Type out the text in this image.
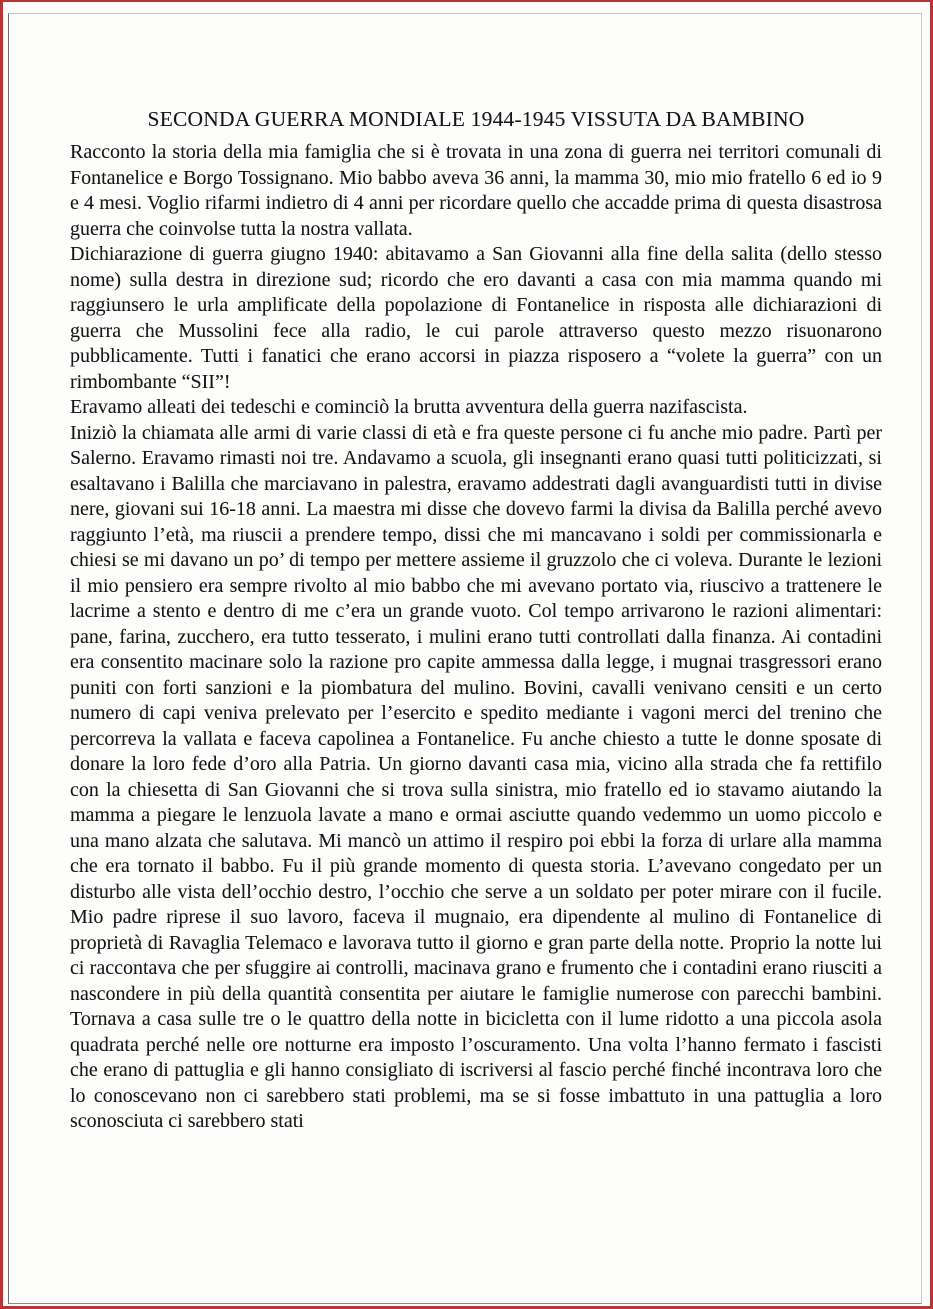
SECONDA GUERRA MONDIALE 1944-1945 VISSUTA DA BAMBINO

Racconto la storia della mia famiglia che si è trovata in una zona di guerra nei territori comunali di Fontanelice e Borgo Tossignano. Mio babbo aveva 36 anni, la mamma 30, mio mio fratello 6 ed io 9 e 4 mesi. Voglio rifarmi indietro di 4 anni per ricordare quello che accadde prima di questa disastrosa guerra che coinvolse tutta la nostra vallata.

Dichiarazione di guerra giugno 1940: abitavamo a San Giovanni alla fine della salita (dello stesso nome) sulla destra in direzione sud; ricordo che ero davanti a casa con mia mamma quando mi raggiunsero le urla amplificate della popolazione di Fontanelice in risposta alle dichiarazioni di guerra che Mussolini fece alla radio, le cui parole attraverso questo mezzo risuonarono pubblicamente. Tutti i fanatici che erano accorsi in piazza risposero a “volete la guerra” con un rimbombante “SII”!

Eravamo alleati dei tedeschi e cominciò la brutta avventura della guerra nazifascista.

Iniziò la chiamata alle armi di varie classi di età e fra queste persone ci fu anche mio padre. Partì per Salerno. Eravamo rimasti noi tre. Andavamo a scuola, gli insegnanti erano quasi tutti politicizzati, si esaltavano i Balilla che marciavano in palestra, eravamo addestrati dagli avanguardisti tutti in divise nere, giovani sui 16-18 anni. La maestra mi disse che dovevo farmi la divisa da Balilla perché avevo raggiunto l’età, ma riuscii a prendere tempo, dissi che mi mancavano i soldi per commissionarla e chiesi se mi davano un po’ di tempo per mettere assieme il gruzzolo che ci voleva. Durante le lezioni il mio pensiero era sempre rivolto al mio babbo che mi avevano portato via, riuscivo a trattenere le lacrime a stento e dentro di me c’era un grande vuoto. Col tempo arrivarono le razioni alimentari: pane, farina, zucchero, era tutto tesserato, i mulini erano tutti controllati dalla finanza. Ai contadini era consentito macinare solo la razione pro capite ammessa dalla legge, i mugnai trasgressori erano puniti con forti sanzioni e la piombatura del mulino. Bovini, cavalli venivano censiti e un certo numero di capi veniva prelevato per l’esercito e spedito mediante i vagoni merci del trenino che percorreva la vallata e faceva capolinea a Fontanelice. Fu anche chiesto a tutte le donne sposate di donare la loro fede d’oro alla Patria. Un giorno davanti casa mia, vicino alla strada che fa rettifilo con la chiesetta di San Giovanni che si trova sulla sinistra, mio fratello ed io stavamo aiutando la mamma a piegare le lenzuola lavate a mano e ormai asciutte quando vedemmo un uomo piccolo e una mano alzata che salutava. Mi mancò un attimo il respiro poi ebbi la forza di urlare alla mamma che era tornato il babbo. Fu il più grande momento di questa storia. L’avevano congedato per un disturbo alle vista dell’occhio destro, l’occhio che serve a un soldato per poter mirare con il fucile. Mio padre riprese il suo lavoro, faceva il mugnaio, era dipendente al mulino di Fontanelice di proprietà di Ravaglia Telemaco e lavorava tutto il giorno e gran parte della notte. Proprio la notte lui ci raccontava che per sfuggire ai controlli, macinava grano e frumento che i contadini erano riusciti a nascondere in più della quantità consentita per aiutare le famiglie numerose con parecchi bambini. Tornava a casa sulle tre o le quattro della notte in bicicletta con il lume ridotto a una piccola asola quadrata perché nelle ore notturne era imposto l’oscuramento. Una volta l’hanno fermato i fascisti che erano di pattuglia e gli hanno consigliato di iscriversi al fascio perché finché incontrava loro che lo conoscevano non ci sarebbero stati problemi, ma se si fosse imbattuto in una pattuglia a loro sconosciuta ci sarebbero stati
